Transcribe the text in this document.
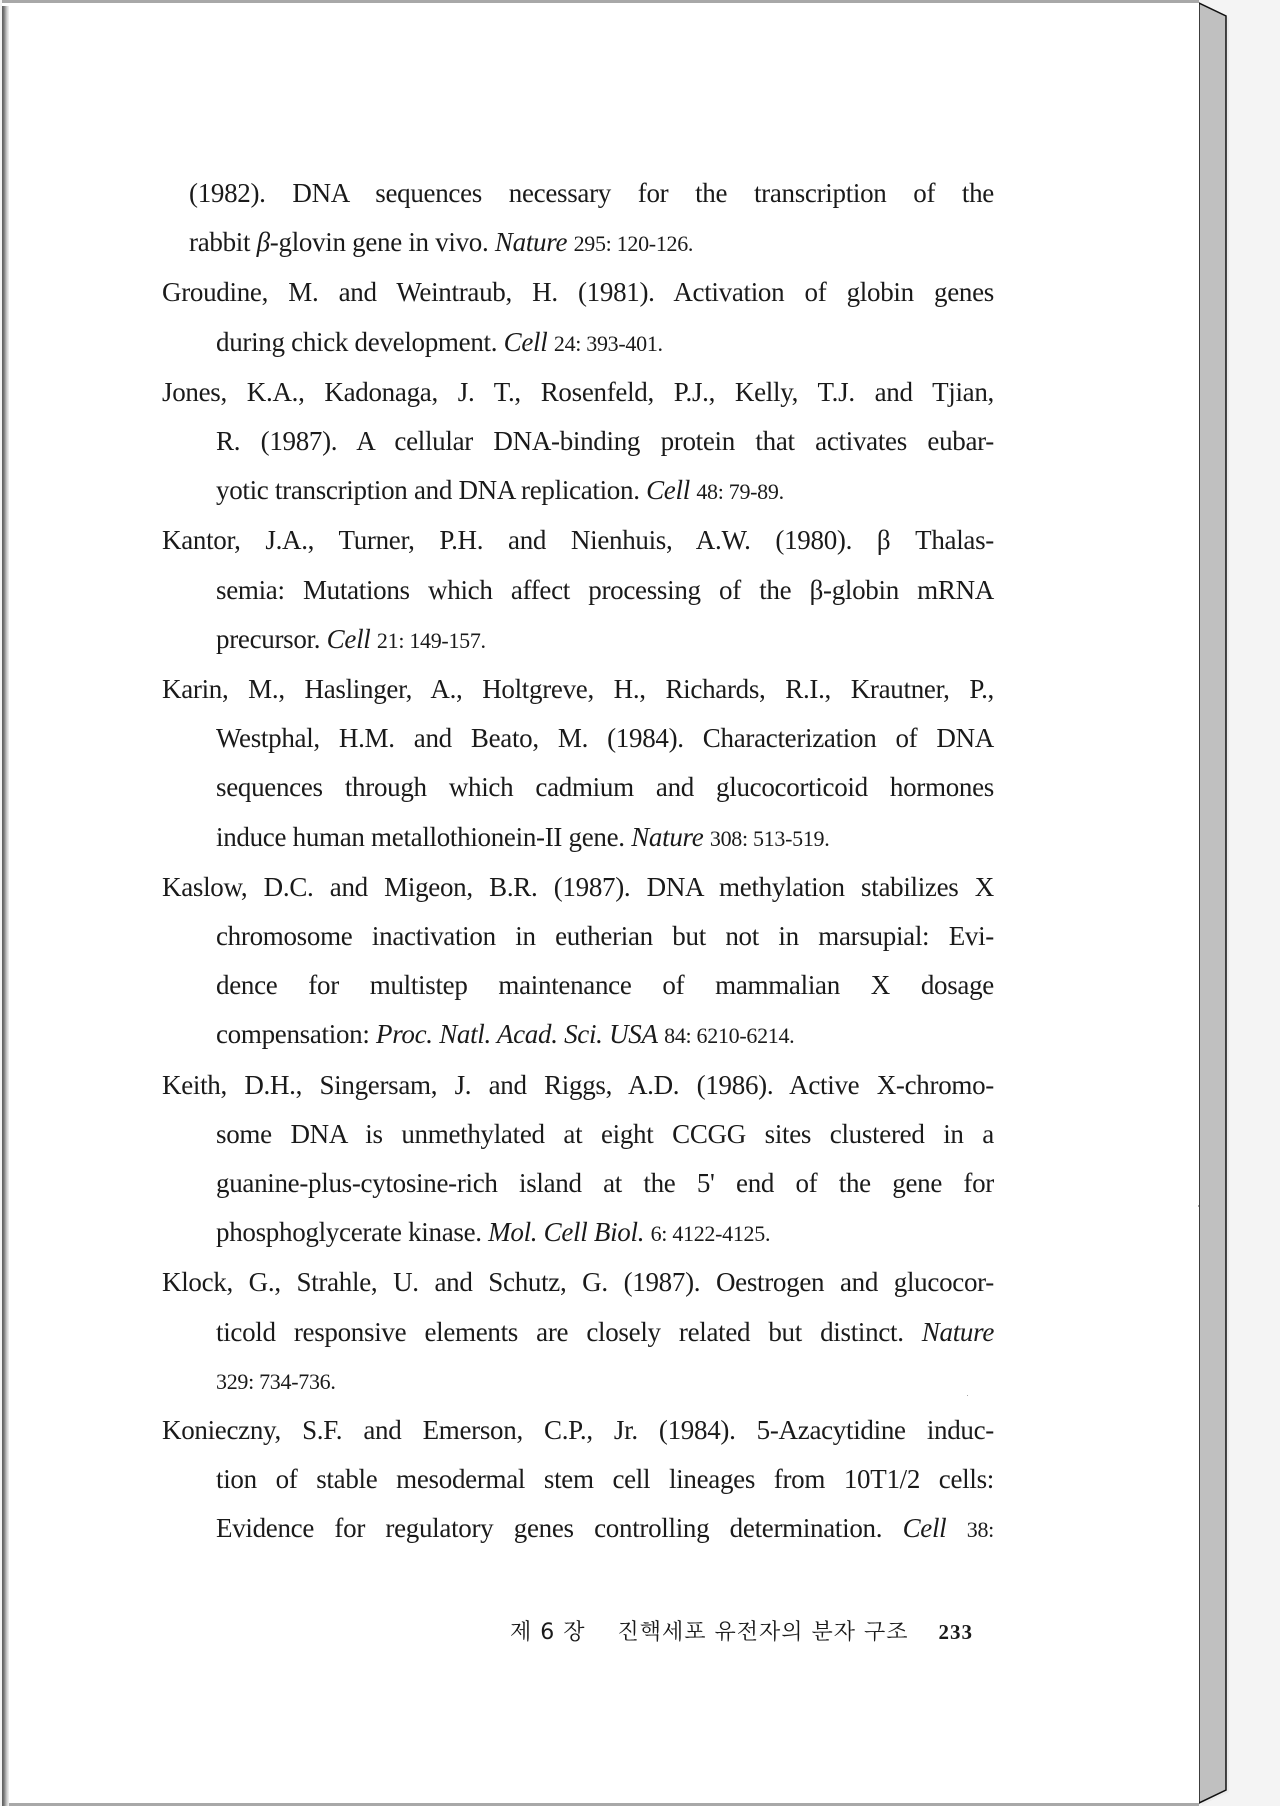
(1982). DNA sequences necessary for the transcription of the
rabbit β-glovin gene in vivo. Nature 295: 120-126.

Groudine, M. and Weintraub, H. (1981). Activation of globin genes
during chick development. Cell 24: 393-401.

Jones, K.A., Kadonaga, J. T., Rosenfeld, P.J., Kelly, T.J. and Tjian,
R. (1987). A cellular DNA-binding protein that activates eubar-
yotic transcription and DNA replication. Cell 48: 79-89.

Kantor, J.A., Turner, P.H. and Nienhuis, A.W. (1980). β Thalas-
semia: Mutations which affect processing of the β-globin mRNA
precursor. Cell 21: 149-157.

Karin, M., Haslinger, A., Holtgreve, H., Richards, R.I., Krautner, P.,
Westphal, H.M. and Beato, M. (1984). Characterization of DNA
sequences through which cadmium and glucocorticoid hormones
induce human metallothionein-II gene. Nature 308: 513-519.

Kaslow, D.C. and Migeon, B.R. (1987). DNA methylation stabilizes X
chromosome inactivation in eutherian but not in marsupial: Evi-
dence for multistep maintenance of mammalian X dosage
compensation: Proc. Natl. Acad. Sci. USA 84: 6210-6214.

Keith, D.H., Singersam, J. and Riggs, A.D. (1986). Active X-chromo-
some DNA is unmethylated at eight CCGG sites clustered in a
guanine-plus-cytosine-rich island at the 5' end of the gene for
phosphoglycerate kinase. Mol. Cell Biol. 6: 4122-4125.

Klock, G., Strahle, U. and Schutz, G. (1987). Oestrogen and glucocor-
ticold responsive elements are closely related but distinct. Nature
329: 734-736.

Konieczny, S.F. and Emerson, C.P., Jr. (1984). 5-Azacytidine induc-
tion of stable mesodermal stem cell lineages from 10T1/2 cells:
Evidence for regulatory genes controlling determination. Cell 38:

제 6 장 진핵세포 유전자의 분자 구조 233
